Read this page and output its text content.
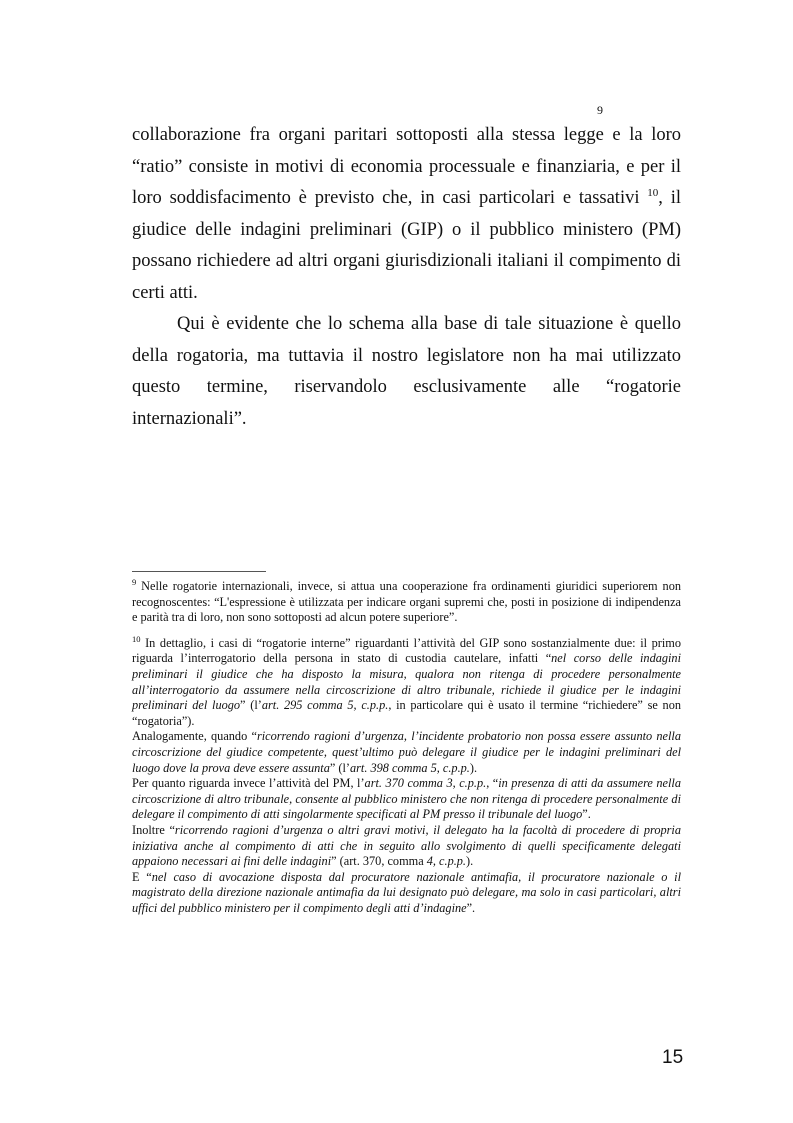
9

collaborazione fra organi paritari sottoposti alla stessa legge e la loro “ratio” consiste in motivi di economia processuale e finanziaria, e per il loro soddisfacimento è previsto che, in casi particolari e tassativi $^{10}$, il giudice delle indagini preliminari (GIP) o il pubblico ministero (PM) possano richiedere ad altri organi giurisdizionali italiani il compimento di certi atti.

Qui è evidente che lo schema alla base di tale situazione è quello della rogatoria, ma tuttavia il nostro legislatore non ha mai utilizzato questo termine, riservandolo esclusivamente alle “rogatorie internazionali”.

$^9$ Nelle rogatorie internazionali, invece, si attua una cooperazione fra ordinamenti giuridici superiorem non recognoscentes: “L'espressione è utilizzata per indicare organi supremi che, posti in posizione di indipendenza e parità tra di loro, non sono sottoposti ad alcun potere superiore”.

$^{10}$ In dettaglio, i casi di “rogatorie interne” riguardanti l’attività del GIP sono sostanzialmente due: il primo riguarda l’interrogatorio della persona in stato di custodia cautelare, infatti “nel corso delle indagini preliminari il giudice che ha disposto la misura, qualora non ritenga di procedere personalmente all’interrogatorio da assumere nella circoscrizione di altro tribunale, richiede il giudice per le indagini preliminari del luogo” (l’art. 295 comma 5, c.p.p., in particolare qui è usato il termine “richiedere” se non “rogatoria”).

Analogamente, quando “ricorrendo ragioni d’urgenza, l’incidente probatorio non possa essere assunto nella circoscrizione del giudice competente, quest’ultimo può delegare il giudice per le indagini preliminari del luogo dove la prova deve essere assunta” (l’art. 398 comma 5, c.p.p.).

Per quanto riguarda invece l’attività del PM, l’art. 370 comma 3, c.p.p., “in presenza di atti da assumere nella circoscrizione di altro tribunale, consente al pubblico ministero che non ritenga di procedere personalmente di delegare il compimento di atti singolarmente specificati al PM presso il tribunale del luogo”.

Inoltre “ricorrendo ragioni d’urgenza o altri gravi motivi, il delegato ha la facoltà di procedere di propria iniziativa anche al compimento di atti che in seguito allo svolgimento di quelli specificamente delegati appaiono necessari ai fini delle indagini” (art. 370, comma 4, c.p.p.).

E “nel caso di avocazione disposta dal procuratore nazionale antimafia, il procuratore nazionale o il magistrato della direzione nazionale antimafia da lui designato può delegare, ma solo in casi particolari, altri uffici del pubblico ministero per il compimento degli atti d’indagine”.

15
